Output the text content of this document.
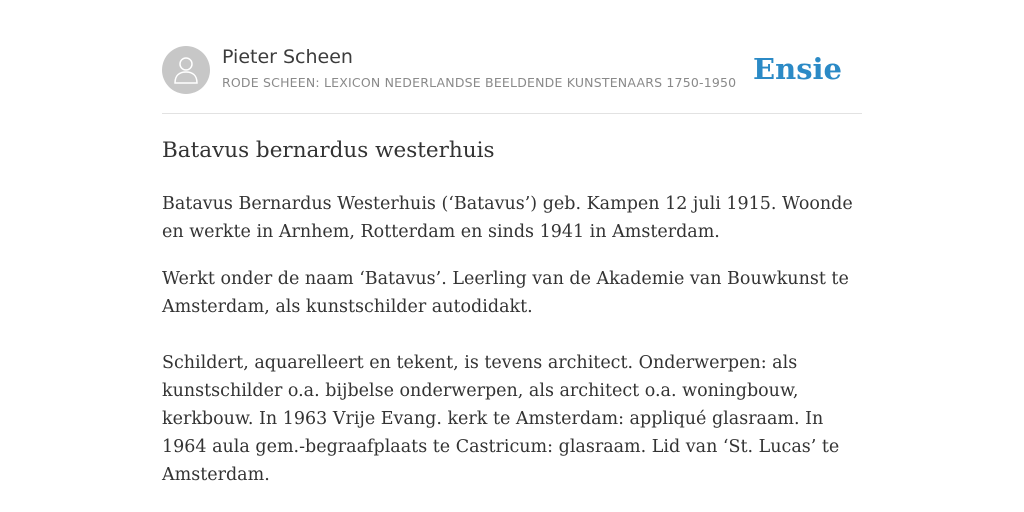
Pieter Scheen
RODE SCHEEN: LEXICON NEDERLANDSE BEELDENDE KUNSTENAARS 1750-1950 Ensie
Batavus bernardus westerhuis

Batavus Bernardus Westerhuis (‘Batavus’) geb. Kampen 12 juli 1915. Woonde en werkte in Arnhem, Rotterdam en sinds 1941 in Amsterdam.

Werkt onder de naam ‘Batavus’. Leerling van de Akademie van Bouwkunst te Amsterdam, als kunstschilder autodidakt.

Schildert, aquarelleert en tekent, is tevens architect. Onderwerpen: als kunstschilder o.a. bijbelse onderwerpen, als architect o.a. woningbouw, kerkbouw. In 1963 Vrije Evang. kerk te Amsterdam: appliqué glasraam. In 1964 aula gem.-begraafplaats te Castricum: glasraam. Lid van ‘St. Lucas’ te Amsterdam.
